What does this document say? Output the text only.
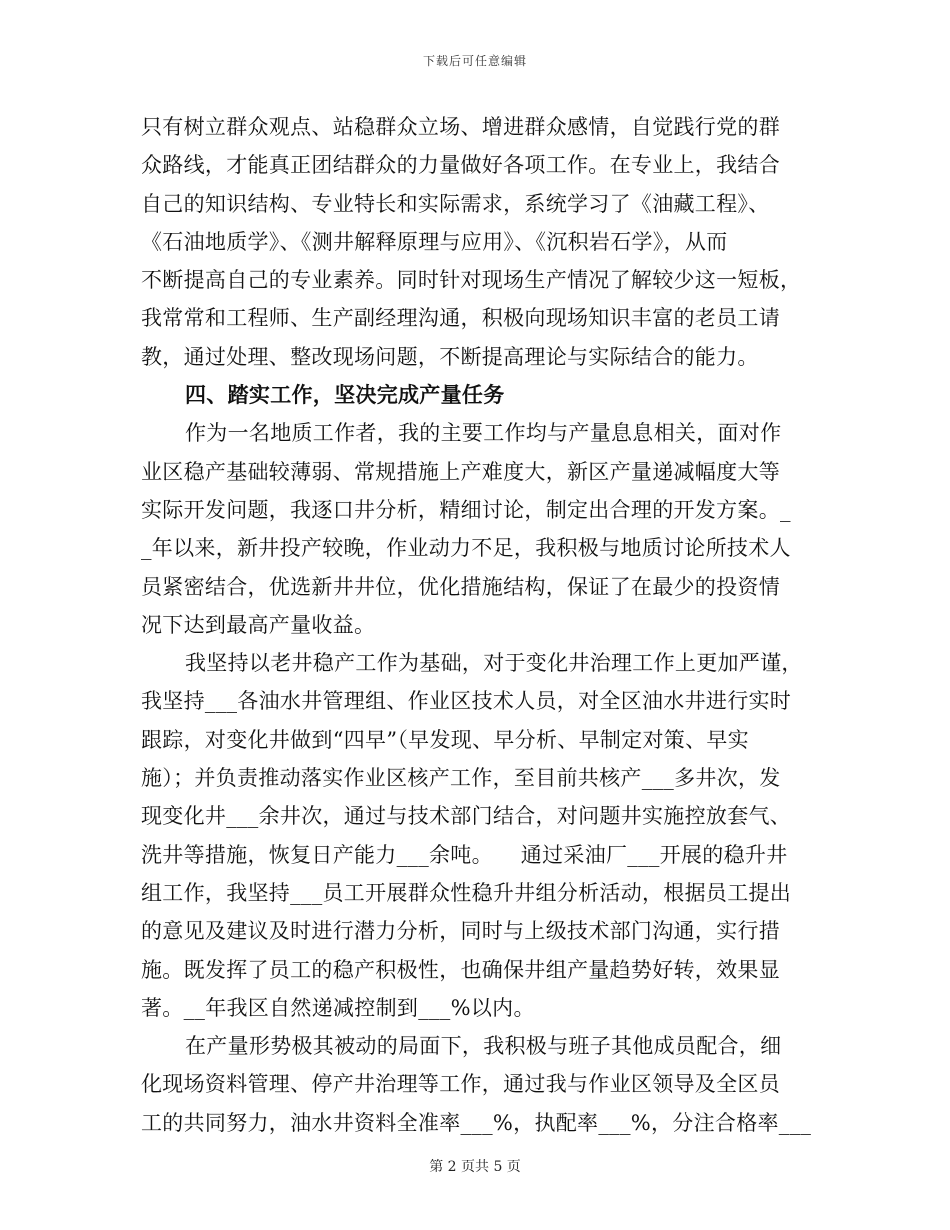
下载后可任意编辑
只有树立群众观点、站稳群众立场、增进群众感情，自觉践行党的群
众路线，才能真正团结群众的力量做好各项工作。在专业上，我结合
自己的知识结构、专业特长和实际需求，系统学习了《油藏工程》、
《石油地质学》、《测井解释原理与应用》、《沉积岩石学》，从而
不断提高自己的专业素养。同时针对现场生产情况了解较少这一短板，
我常常和工程师、生产副经理沟通，积极向现场知识丰富的老员工请
教，通过处理、整改现场问题，不断提高理论与实际结合的能力。
四、踏实工作，坚决完成产量任务
作为一名地质工作者，我的主要工作均与产量息息相关，面对作
业区稳产基础较薄弱、常规措施上产难度大，新区产量递减幅度大等
实际开发问题，我逐口井分析，精细讨论，制定出合理的开发方案。_
_年以来，新井投产较晚，作业动力不足，我积极与地质讨论所技术人
员紧密结合，优选新井井位，优化措施结构，保证了在最少的投资情
况下达到最高产量收益。
我坚持以老井稳产工作为基础，对于变化井治理工作上更加严谨，
我坚持___各油水井管理组、作业区技术人员，对全区油水井进行实时
跟踪，对变化井做到“四早”（早发现、早分析、早制定对策、早实
施）；并负责推动落实作业区核产工作，至目前共核产___多井次，发
现变化井___余井次，通过与技术部门结合，对问题井实施控放套气、
洗井等措施，恢复日产能力___余吨。    通过采油厂___开展的稳升井
组工作，我坚持___员工开展群众性稳升井组分析活动，根据员工提出
的意见及建议及时进行潜力分析，同时与上级技术部门沟通，实行措
施。既发挥了员工的稳产积极性，也确保井组产量趋势好转，效果显
著。__年我区自然递减控制到___%以内。
在产量形势极其被动的局面下，我积极与班子其他成员配合，细
化现场资料管理、停产井治理等工作，通过我与作业区领导及全区员
工的共同努力，油水井资料全准率___%，执配率___%，分注合格率___
第 2 页共 5 页
